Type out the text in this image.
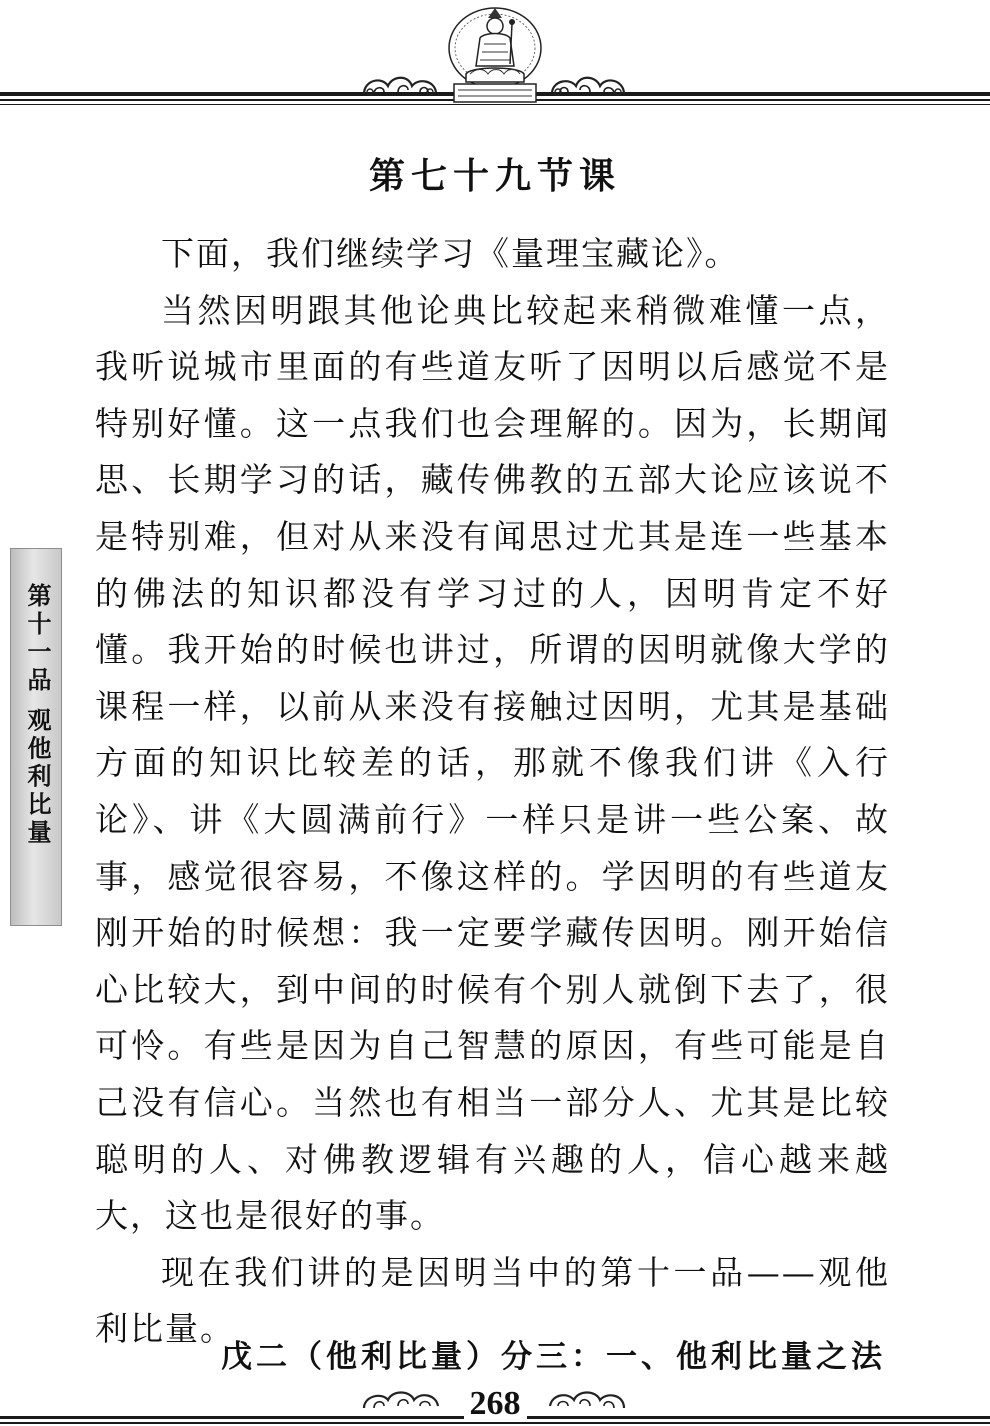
第七十九节课

下面，我们继续学习《量理宝藏论》。

当然因明跟其他论典比较起来稍微难懂一点，我听说城市里面的有些道友听了因明以后感觉不是特别好懂。这一点我们也会理解的。因为，长期闻思、长期学习的话，藏传佛教的五部大论应该说不是特别难，但对从来没有闻思过尤其是连一些基本的佛法的知识都没有学习过的人，因明肯定不好懂。我开始的时候也讲过，所谓的因明就像大学的课程一样，以前从来没有接触过因明，尤其是基础方面的知识比较差的话，那就不像我们讲《入行论》、讲《大圆满前行》一样只是讲一些公案、故事，感觉很容易，不像这样的。学因明的有些道友刚开始的时候想：我一定要学藏传因明。刚开始信心比较大，到中间的时候有个别人就倒下去了，很可怜。有些是因为自己智慧的原因，有些可能是自己没有信心。当然也有相当一部分人、尤其是比较聪明的人、对佛教逻辑有兴趣的人，信心越来越大，这也是很好的事。

现在我们讲的是因明当中的第十一品——观他利比量。

第十一品 观他利比量
戊二（他利比量）分三：一、他利比量之法
268
